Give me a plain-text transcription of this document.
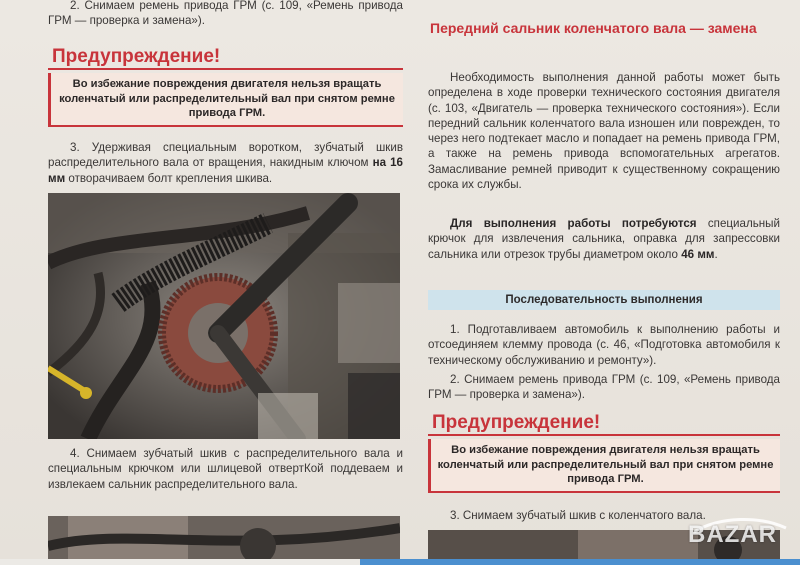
2. Снимаем ремень привода ГРМ (с. 109, «Ремень привода ГРМ — проверка и замена»).

Предупреждение!

Во избежание повреждения двигателя нельзя вращать коленчатый или распределительный вал при снятом ремне привода ГРМ.

3. Удерживая специальным воротком, зубчатый шкив распределительного вала от вращения, накидным ключом на 16 мм отворачиваем болт крепления шкива.

4. Снимаем зубчатый шкив с распределительного вала и специальным крючком или шлицевой отвертКой поддеваем и извлекаем сальник распределительного вала.

Передний сальник коленчатого вала — замена

Необходимость выполнения данной работы может быть определена в ходе проверки технического состояния двигателя (с. 103, «Двигатель — проверка технического состояния»). Если передний сальник коленчатого вала изношен или поврежден, то через него подтекает масло и попадает на ремень привода ГРМ, а также на ремень привода вспомогательных агрегатов. Замасливание ремней приводит к существенному сокращению срока их службы.

Для выполнения работы потребуются специальный крючок для извлечения сальника, оправка для запрессовки сальника или отрезок трубы диаметром около 46 мм.

Последовательность выполнения

1. Подготавливаем автомобиль к выполнению работы и отсоединяем клемму провода (с. 46, «Подготовка автомобиля к техническому обслуживанию и ремонту»).

2. Снимаем ремень привода ГРМ (с. 109, «Ремень привода ГРМ — проверка и замена»).

Предупреждение!

Во избежание повреждения двигателя нельзя вращать коленчатый или распределительный вал при снятом ремне привода ГРМ.

3. Снимаем зубчатый шкив с коленчатого вала.

BAZAR
